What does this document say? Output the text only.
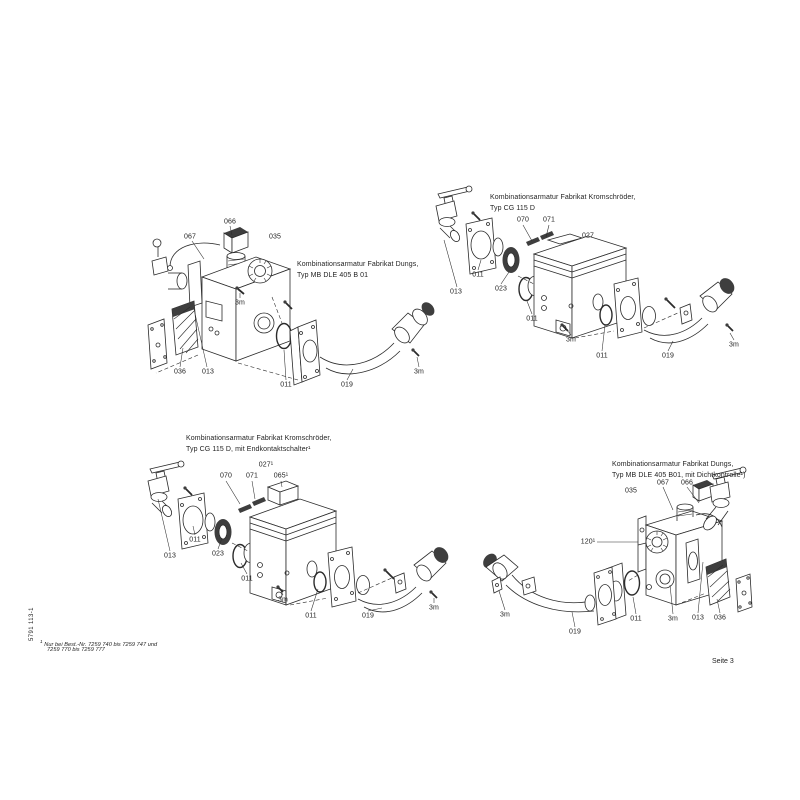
Kombinationsarmatur Fabrikat Dungs,
Typ MB DLE 405 B 01
066
067	035
3m
036 013
011	019
3m
Kombinationsarmatur Fabrikat Kromschröder,
Typ CG 115 D
070 071
027
011
013	023
011
3m
011	019
3m
Kombinationsarmatur Fabrikat Kromschröder,
Typ CG 115 D, mit Endkontaktschalter¹
027¹
070 071 065¹
011
013	023
011
3m
011	019
3m
Kombinationsarmatur Fabrikat Dungs,
Typ MB DLE 405 B01, mit Dichtkontrolle¹)
035
067 066
120¹
3m
019
011	3m 013 036
5791 113-1
$^1$ Nur bei Best.-Nr. 7259 740 bis 7259 747 und
7259 770 bis 7259 777
Seite 3
